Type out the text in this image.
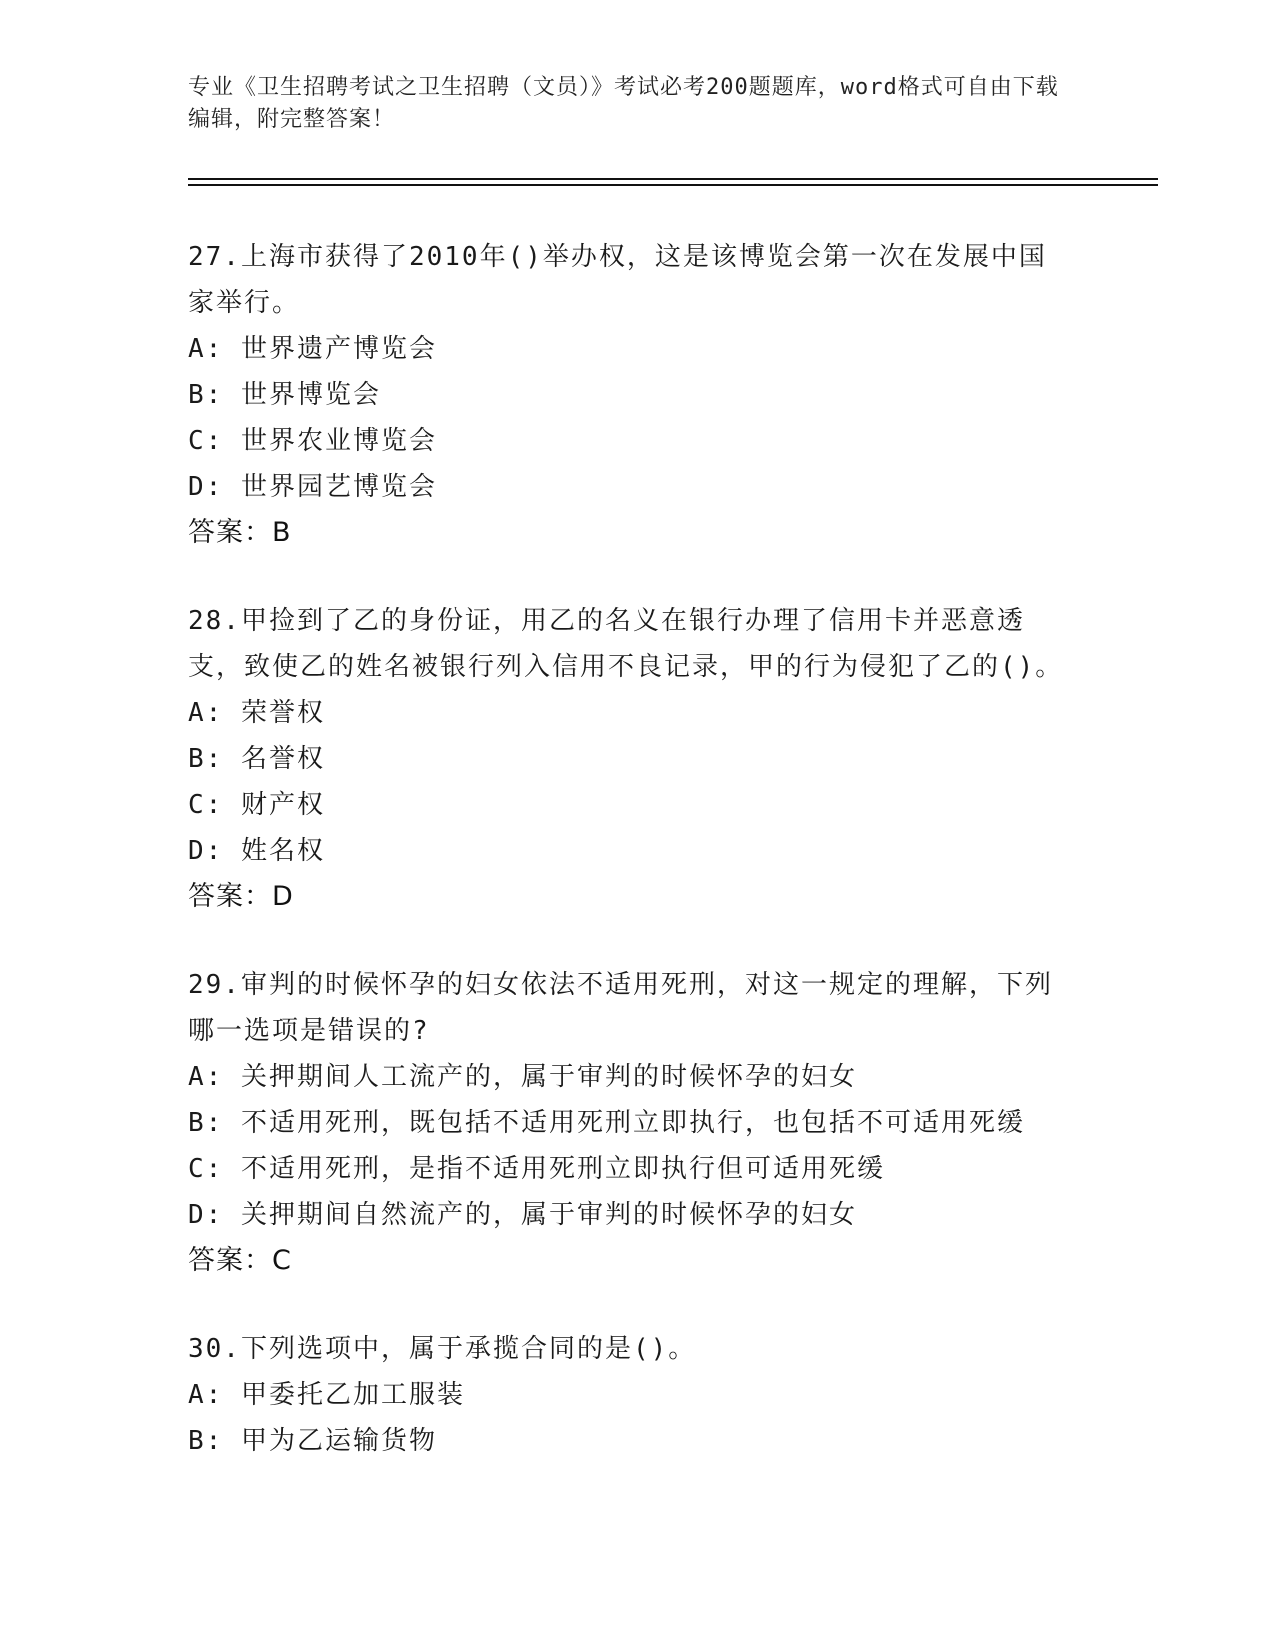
专业《卫生招聘考试之卫生招聘（文员）》考试必考200题题库，word格式可自由下载编辑，附完整答案！

27.上海市获得了2010年()举办权，这是该博览会第一次在发展中国家举行。

A: 世界遗产博览会

B: 世界博览会

C: 世界农业博览会

D: 世界园艺博览会

答案：B

28.甲捡到了乙的身份证，用乙的名义在银行办理了信用卡并恶意透支，致使乙的姓名被银行列入信用不良记录，甲的行为侵犯了乙的()。

A: 荣誉权

B: 名誉权

C: 财产权

D: 姓名权

答案：D

29.审判的时候怀孕的妇女依法不适用死刑，对这一规定的理解，下列哪一选项是错误的?

A: 关押期间人工流产的，属于审判的时候怀孕的妇女

B: 不适用死刑，既包括不适用死刑立即执行，也包括不可适用死缓

C: 不适用死刑，是指不适用死刑立即执行但可适用死缓

D: 关押期间自然流产的，属于审判的时候怀孕的妇女

答案：C

30.下列选项中，属于承揽合同的是()。

A: 甲委托乙加工服装

B: 甲为乙运输货物
